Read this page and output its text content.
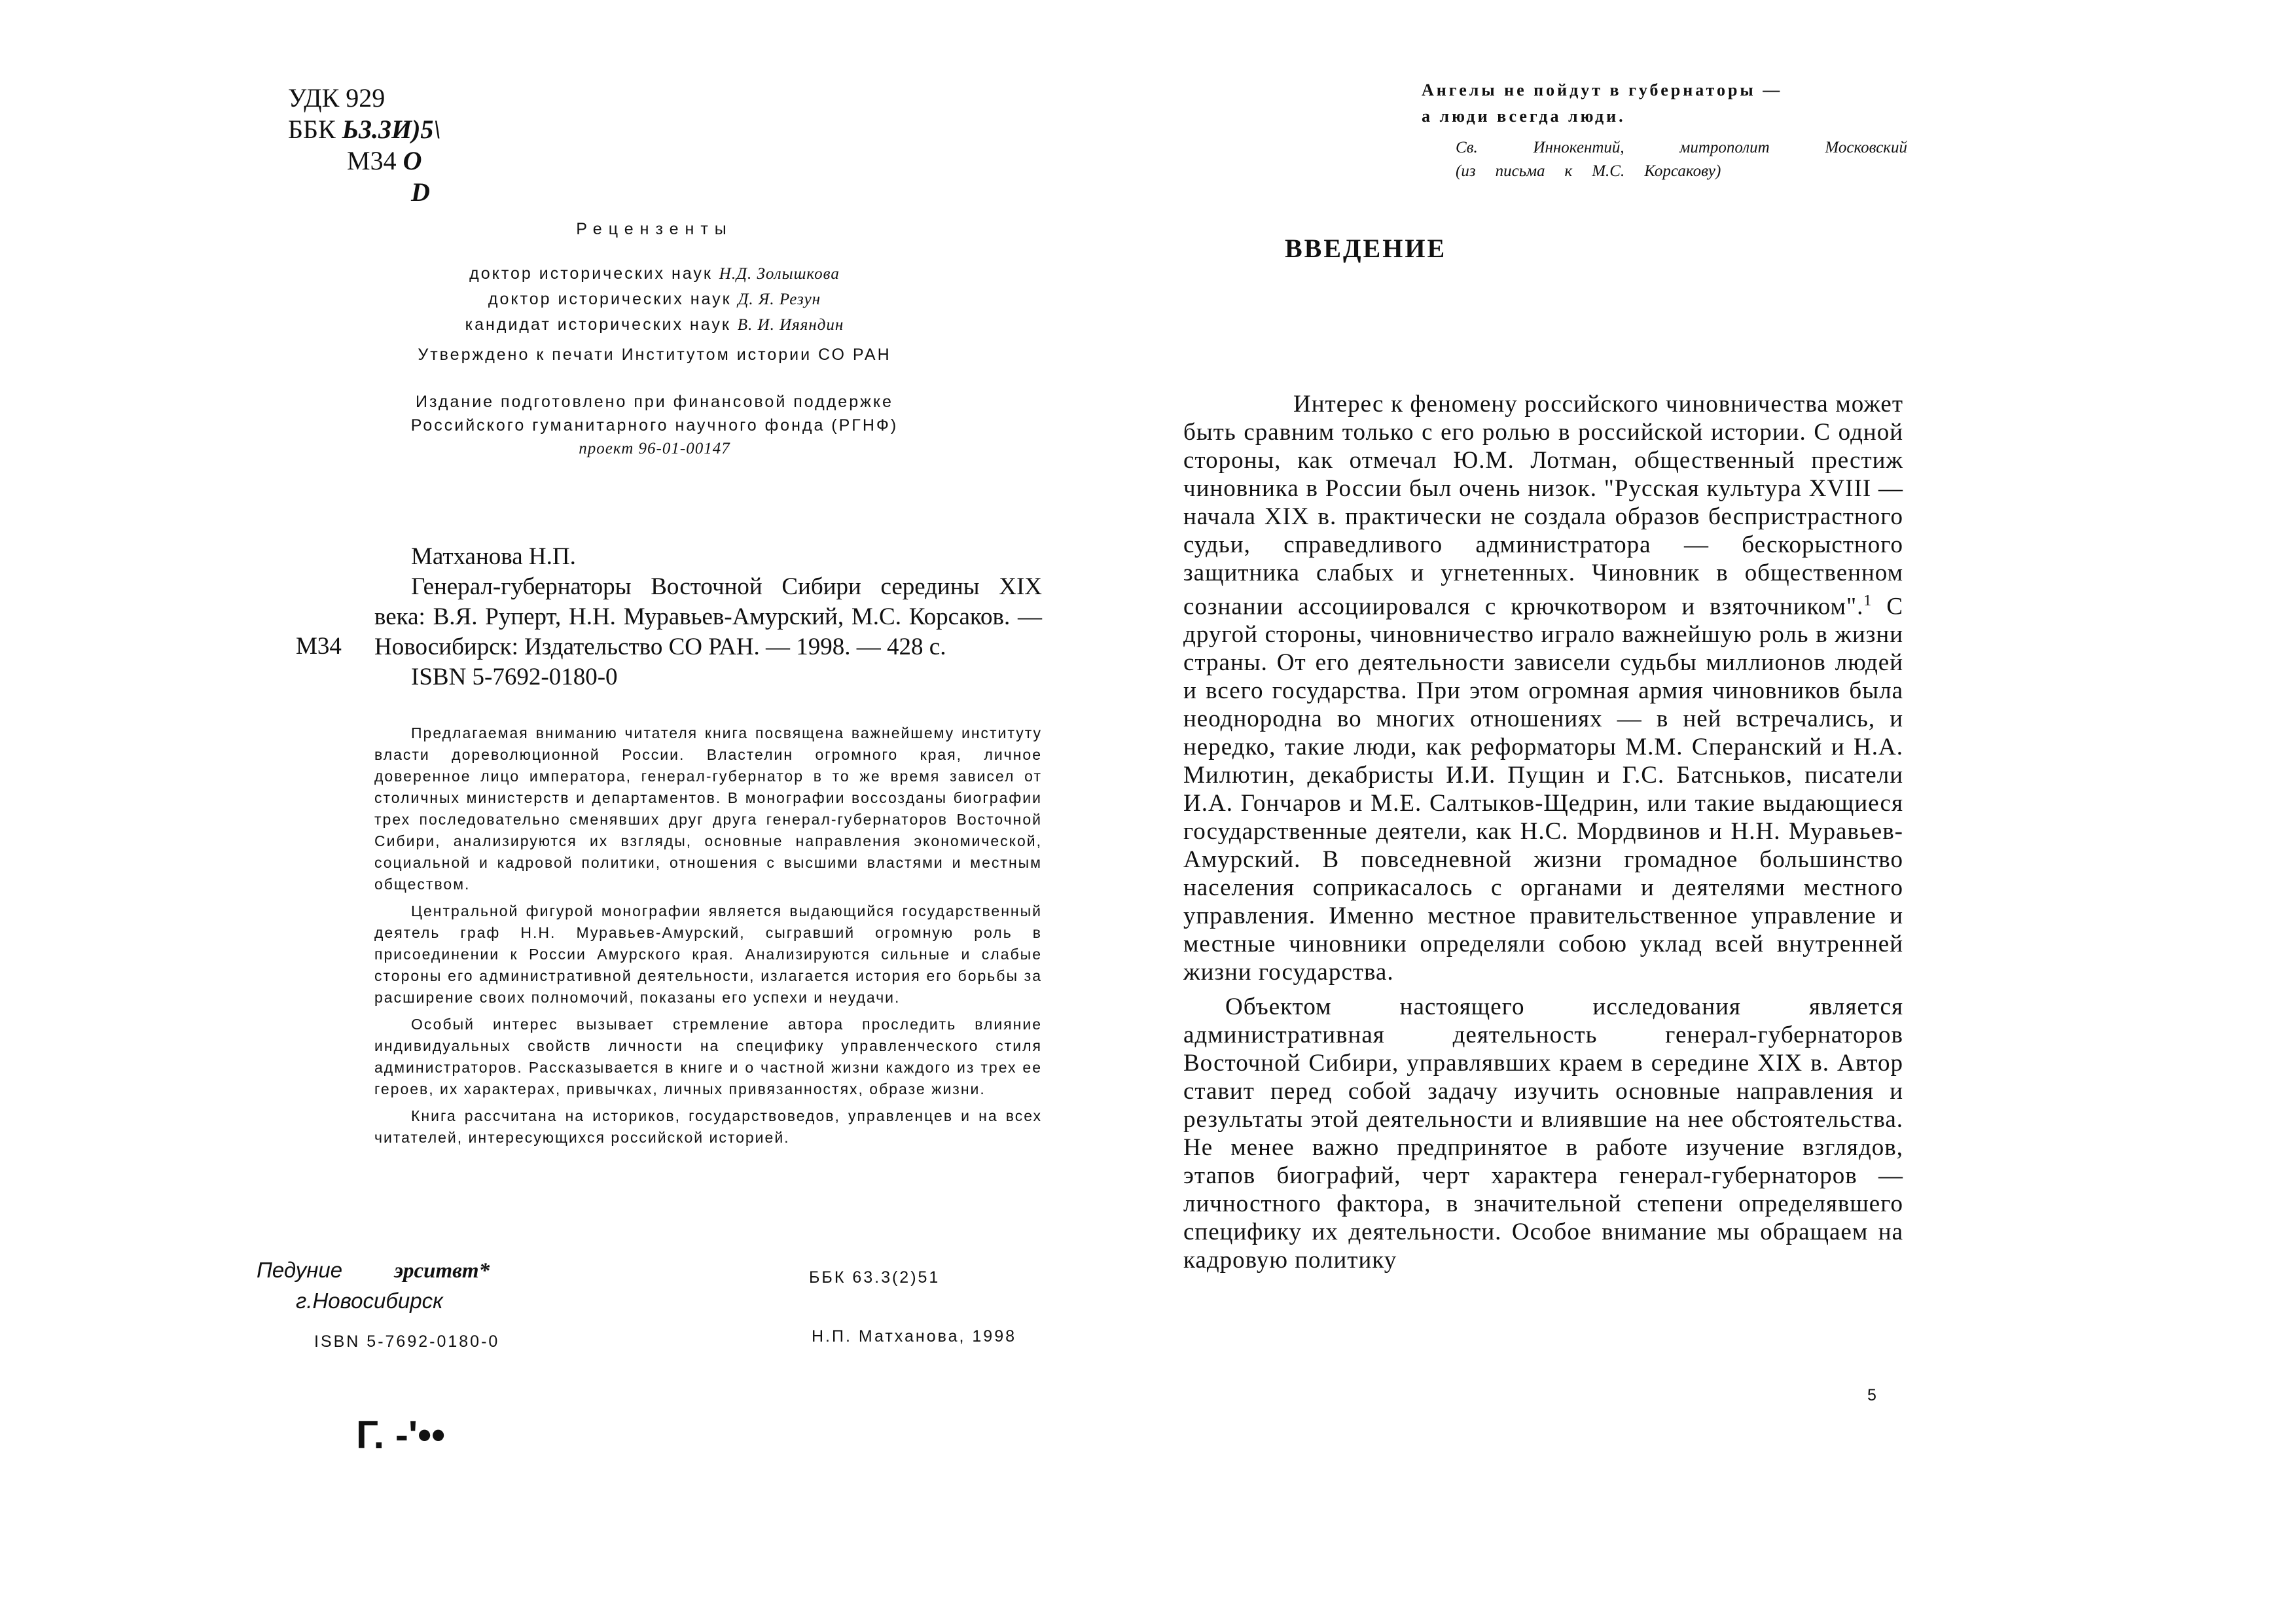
УДК 929
ББК Ь3.3И)5\
М34 O
D
Рецензенты
доктор исторических наук Н.Д. Золышкова
доктор исторических наук Д. Я. Резун
кандидат исторических наук В. И. Ияяндин
Утверждено к печати Институтом истории СО РАН
Издание подготовлено при финансовой поддержке
Российского гуманитарного научного фонда (РГНФ)
проект 96-01-00147
М34
Матханова Н.П.
Генерал-губернаторы Восточной Сибири середины XIX века: В.Я. Руперт, Н.Н. Муравьев-Амурский, М.С. Корсаков. — Новосибирск: Издательство СО РАН. — 1998. — 428 с.
ISBN 5-7692-0180-0

Предлагаемая вниманию читателя книга посвящена важнейшему институту власти дореволюционной России. Властелин огромного края, личное доверенное лицо императора, генерал-губернатор в то же время зависел от столичных министерств и департаментов. В монографии воссозданы биографии трех последовательно сменявших друг друга генерал-губернаторов Восточной Сибири, анализируются их взгляды, основные направления экономической, социальной и кадровой политики, отношения с высшими властями и местным обществом.

Центральной фигурой монографии является выдающийся государственный деятель граф Н.Н. Муравьев-Амурский, сыгравший огромную роль в присоединении к России Амурского края. Анализируются сильные и слабые стороны его административной деятельности, излагается история его борьбы за расширение своих полномочий, показаны его успехи и неудачи.

Особый интерес вызывает стремление автора проследить влияние индивидуальных свойств личности на специфику управленческого стиля администраторов. Рассказывается в книге и о частной жизни каждого из трех ее героев, их характерах, привычках, личных привязанностях, образе жизни.

Книга рассчитана на историков, государствоведов, управленцев и на всех читателей, интересующихся российской историей.

Педуние эрситвт*
г.Новосибирск
ББК 63.3(2)51
ISBN 5-7692-0180-0	Н.П. Матханова, 1998
Г. -'••
Ангелы не пойдут в губернаторы —
а люди всегда люди.
Св.	Иннокентий,	митрополит	Московский
(из письма к М.С. Корсакову)
ВВЕДЕНИЕ

Интерес к феномену российского чиновничества может быть сравним только с его ролью в российской истории. С одной стороны, как отмечал Ю.М. Лотман, общественный престиж чиновника в России был очень низок. "Русская культура XVIII — начала XIX в. практически не создала образов беспристрастного судьи, справедливого администратора — бескорыстного защитника слабых и угнетенных. Чиновник в общественном сознании ассоциировался с крючкотвором и взяточником".$^1$ С другой стороны, чиновничество играло важнейшую роль в жизни страны. От его деятельности зависели судьбы миллионов людей и всего государства. При этом огромная армия чиновников была неоднородна во многих отношениях — в ней встречались, и нередко, такие люди, как реформаторы М.М. Сперанский и Н.А. Милютин, декабристы И.И. Пущин и Г.С. Батсньков, писатели И.А. Гончаров и М.Е. Салтыков-Щедрин, или такие выдающиеся государственные деятели, как Н.С. Мордвинов и Н.Н. Муравьев-Амурский. В повседневной жизни громадное большинство населения соприкасалось с органами и деятелями местного управления. Именно местное правительственное управление и местные чиновники определяли собою уклад всей внутренней жизни государства.

Объектом настоящего исследования является административная деятельность генерал-губернаторов Восточной Сибири, управлявших краем в середине XIX в. Автор ставит перед собой задачу изучить основные направления и результаты этой деятельности и влиявшие на нее обстоятельства. Не менее важно предпринятое в работе изучение взглядов, этапов биографий, черт характера генерал-губернаторов — личностного фактора, в значительной степени определявшего специфику их деятельности. Особое внимание мы обращаем на кадровую политику

5
